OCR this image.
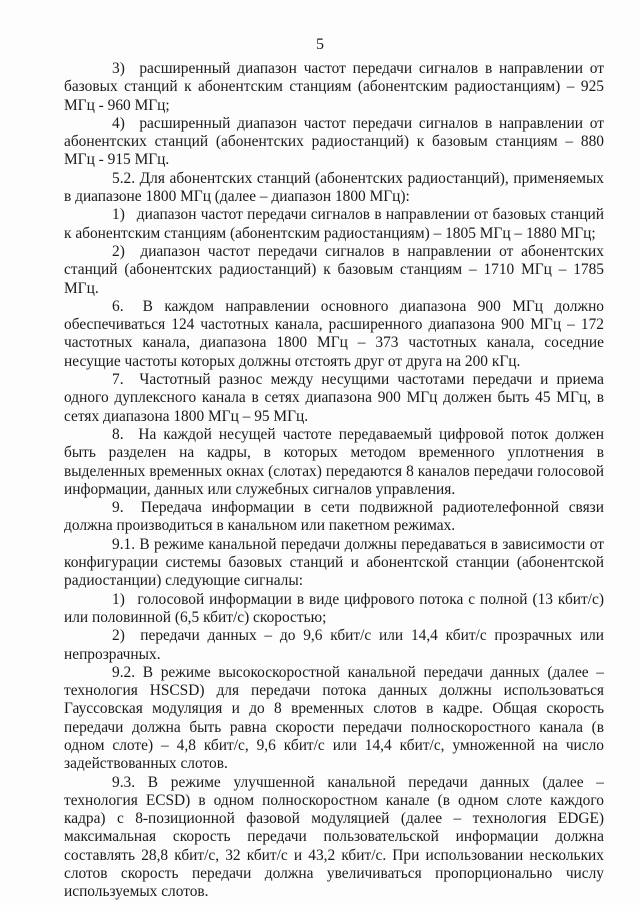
5

3)  расширенный диапазон частот передачи сигналов в направлении от базовых станций к абонентским станциям (абонентским радиостанциям) – 925 МГц - 960 МГц;

4)  расширенный диапазон частот передачи сигналов в направлении от абонентских станций (абонентских радиостанций) к базовым станциям – 880 МГц - 915 МГц.

5.2. Для абонентских станций (абонентских радиостанций), применяемых в диапазоне 1800 МГц (далее – диапазон 1800 МГц):

1)  диапазон частот передачи сигналов в направлении от базовых станций к абонентским станциям (абонентским радиостанциям) – 1805 МГц – 1880 МГц;

2)  диапазон частот передачи сигналов в направлении от абонентских станций (абонентских радиостанций) к базовым станциям – 1710 МГц – 1785 МГц.

6.  В каждом направлении основного диапазона 900 МГц должно обеспечиваться 124 частотных канала, расширенного диапазона 900 МГц – 172 частотных канала, диапазона 1800 МГц – 373 частотных канала, соседние несущие частоты которых должны отстоять друг от друга на 200 кГц.

7.  Частотный разнос между несущими частотами передачи и приема одного дуплексного канала в сетях диапазона 900 МГц должен быть 45 МГц, в сетях диапазона 1800 МГц – 95 МГц.

8.  На каждой несущей частоте передаваемый цифровой поток должен быть разделен на кадры, в которых методом временного уплотнения в выделенных временных окнах (слотах) передаются 8 каналов передачи голосовой информации, данных или служебных сигналов управления.

9.  Передача информации в сети подвижной радиотелефонной связи должна производиться в канальном или пакетном режимах.

9.1. В режиме канальной передачи должны передаваться в зависимости от конфигурации системы базовых станций и абонентской станции (абонентской радиостанции) следующие сигналы:

1)  голосовой информации в виде цифрового потока с полной (13 кбит/с) или половинной (6,5 кбит/с) скоростью;

2)  передачи данных – до 9,6 кбит/с или 14,4 кбит/с прозрачных или непрозрачных.

9.2. В режиме высокоскоростной канальной передачи данных (далее – технология HSCSD) для передачи потока данных должны использоваться Гауссовская модуляция и до 8 временных слотов в кадре. Общая скорость передачи должна быть равна скорости передачи полноскоростного канала (в одном слоте) – 4,8 кбит/с, 9,6 кбит/с или 14,4 кбит/с, умноженной на число задействованных слотов.

9.3. В режиме улучшенной канальной передачи данных (далее – технология ECSD) в одном полноскоростном канале (в одном слоте каждого кадра) с 8-позиционной фазовой модуляцией (далее – технология EDGE) максимальная скорость передачи пользовательской информации должна составлять 28,8 кбит/с, 32 кбит/с и 43,2 кбит/с. При использовании нескольких слотов скорость передачи должна увеличиваться пропорционально числу используемых слотов.
